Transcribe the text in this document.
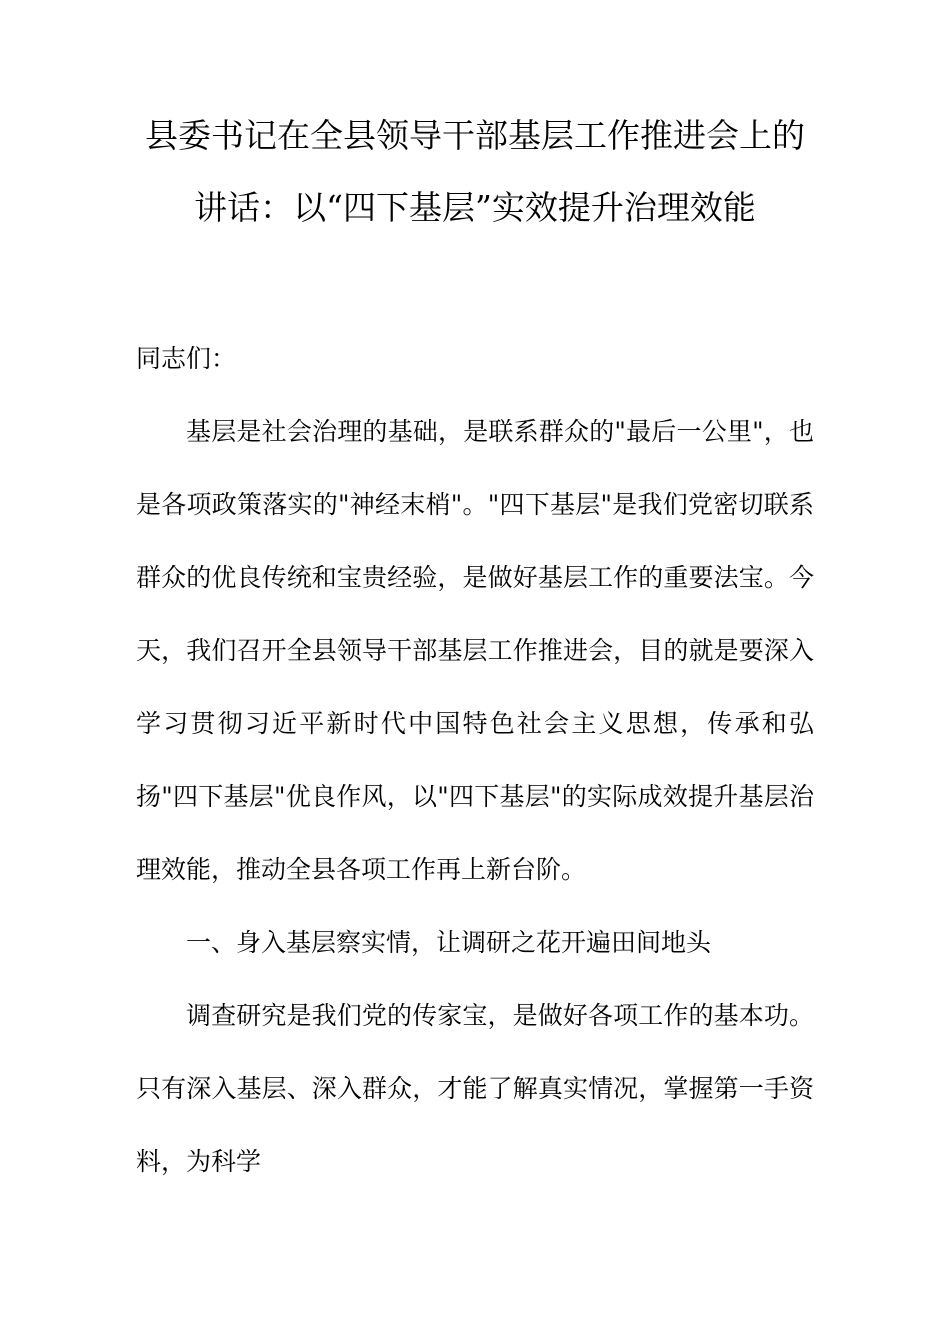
县委书记在全县领导干部基层工作推进会上的讲话：以“四下基层”实效提升治理效能

同志们：

基层是社会治理的基础，是联系群众的"最后一公里"，也是各项政策落实的"神经末梢"。"四下基层"是我们党密切联系群众的优良传统和宝贵经验，是做好基层工作的重要法宝。今天，我们召开全县领导干部基层工作推进会，目的就是要深入学习贯彻习近平新时代中国特色社会主义思想，传承和弘扬"四下基层"优良作风，以"四下基层"的实际成效提升基层治理效能，推动全县各项工作再上新台阶。

一、身入基层察实情，让调研之花开遍田间地头

调查研究是我们党的传家宝，是做好各项工作的基本功。只有深入基层、深入群众，才能了解真实情况，掌握第一手资料，为科学
